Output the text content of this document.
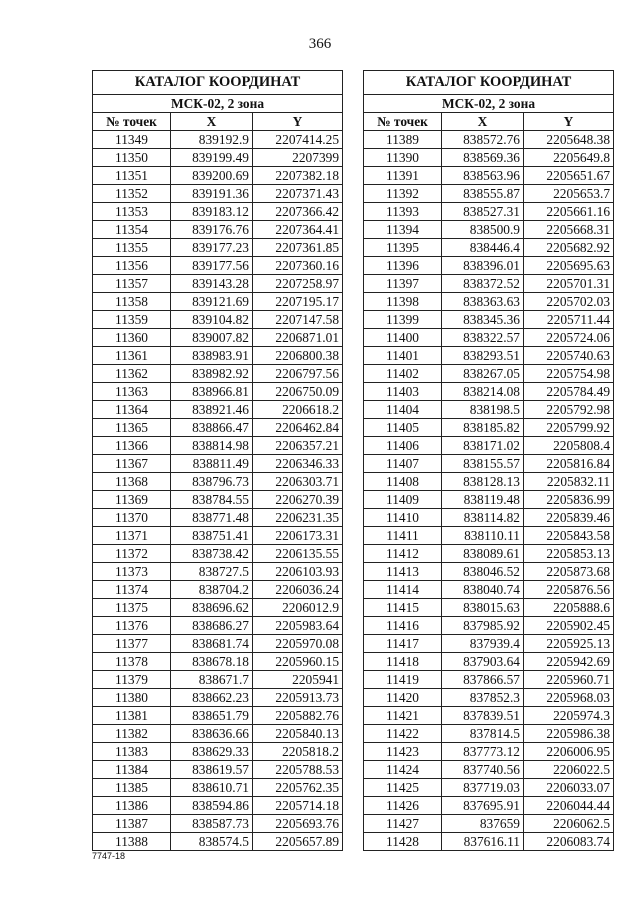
366
КАТАЛОГ КООРДИНАТ		
МСК-02, 2 зона		
№ точек	X	Y
11349	839192.9	2207414.25
11350	839199.49	2207399
11351	839200.69	2207382.18
11352	839191.36	2207371.43
11353	839183.12	2207366.42
11354	839176.76	2207364.41
11355	839177.23	2207361.85
11356	839177.56	2207360.16
11357	839143.28	2207258.97
11358	839121.69	2207195.17
11359	839104.82	2207147.58
11360	839007.82	2206871.01
11361	838983.91	2206800.38
11362	838982.92	2206797.56
11363	838966.81	2206750.09
11364	838921.46	2206618.2
11365	838866.47	2206462.84
11366	838814.98	2206357.21
11367	838811.49	2206346.33
11368	838796.73	2206303.71
11369	838784.55	2206270.39
11370	838771.48	2206231.35
11371	838751.41	2206173.31
11372	838738.42	2206135.55
11373	838727.5	2206103.93
11374	838704.2	2206036.24
11375	838696.62	2206012.9
11376	838686.27	2205983.64
11377	838681.74	2205970.08
11378	838678.18	2205960.15
11379	838671.7	2205941
11380	838662.23	2205913.73
11381	838651.79	2205882.76
11382	838636.66	2205840.13
11383	838629.33	2205818.2
11384	838619.57	2205788.53
11385	838610.71	2205762.35
11386	838594.86	2205714.18
11387	838587.73	2205693.76
11388	838574.5	2205657.89
КАТАЛОГ КООРДИНАТ		
МСК-02, 2 зона		
№ точек	X	Y
11389	838572.76	2205648.38
11390	838569.36	2205649.8
11391	838563.96	2205651.67
11392	838555.87	2205653.7
11393	838527.31	2205661.16
11394	838500.9	2205668.31
11395	838446.4	2205682.92
11396	838396.01	2205695.63
11397	838372.52	2205701.31
11398	838363.63	2205702.03
11399	838345.36	2205711.44
11400	838322.57	2205724.06
11401	838293.51	2205740.63
11402	838267.05	2205754.98
11403	838214.08	2205784.49
11404	838198.5	2205792.98
11405	838185.82	2205799.92
11406	838171.02	2205808.4
11407	838155.57	2205816.84
11408	838128.13	2205832.11
11409	838119.48	2205836.99
11410	838114.82	2205839.46
11411	838110.11	2205843.58
11412	838089.61	2205853.13
11413	838046.52	2205873.68
11414	838040.74	2205876.56
11415	838015.63	2205888.6
11416	837985.92	2205902.45
11417	837939.4	2205925.13
11418	837903.64	2205942.69
11419	837866.57	2205960.71
11420	837852.3	2205968.03
11421	837839.51	2205974.3
11422	837814.5	2205986.38
11423	837773.12	2206006.95
11424	837740.56	2206022.5
11425	837719.03	2206033.07
11426	837695.91	2206044.44
11427	837659	2206062.5
11428	837616.11	2206083.74
7747-18
